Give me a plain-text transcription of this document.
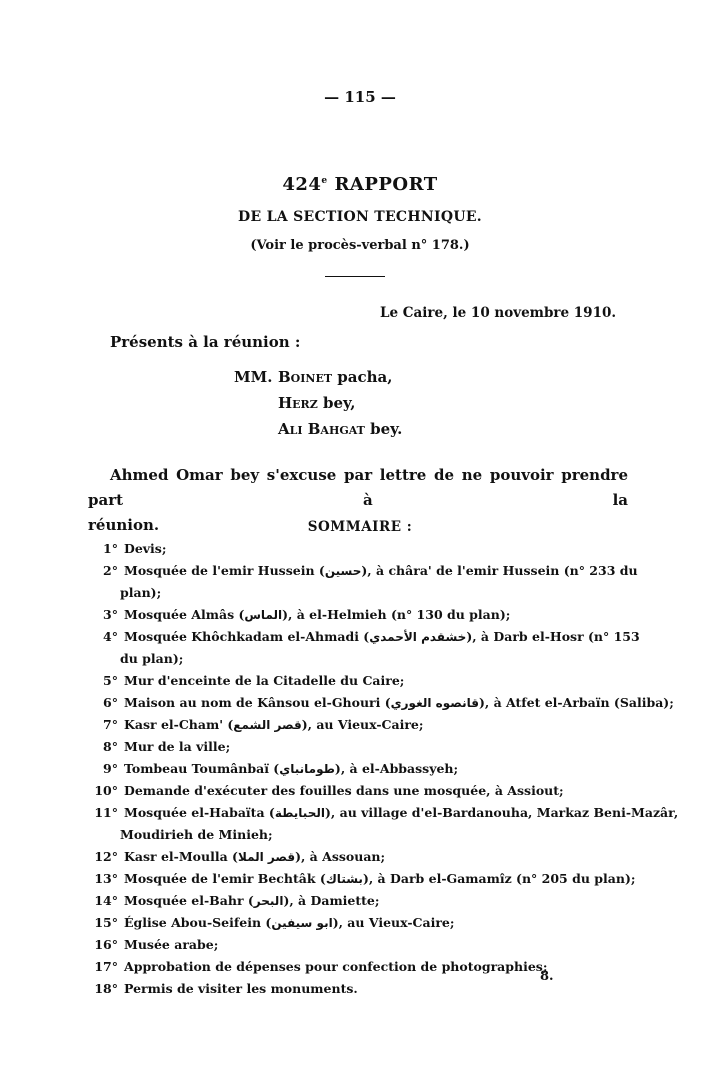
— 115 —
424e RAPPORT
DE LA SECTION TECHNIQUE.
(Voir le procès-verbal n° 178.)
Le Caire, le 10 novembre 1910.
Présents à la réunion :
MM. Boinet pacha,
Herz bey,
Ali Bahgat bey.
Ahmed Omar bey s'excuse par lettre de ne pouvoir prendre part à la
réunion.	SOMMAIRE :
1° Devis;
2° Mosquée de l'emir Hussein (حسين), à châra' de l'emir Hussein (n° 233 du
plan);
3° Mosquée Almâs (الماس), à el-Helmieh (n° 130 du plan);
4° Mosquée Khôchkadam el-Ahmadi (خشقدم الأحمدي), à Darb el-Hosr (n° 153
du plan);
5° Mur d'enceinte de la Citadelle du Caire;
6° Maison au nom de Kânsou el-Ghouri (قانصوه الغوري), à Atfet el-Arbaïn (Saliba);
7° Kasr el-Cham' (قصر الشمع), au Vieux-Caire;
8° Mur de la ville;
9° Tombeau Toumânbaï (طومانباي), à el-Abbassyeh;
10° Demande d'exécuter des fouilles dans une mosquée, à Assiout;
11° Mosquée el-Habaïta (الحبايطة), au village d'el-Bardanouha, Markaz Beni-Mazâr,
Moudirieh de Minieh;
12° Kasr el-Moulla (قصر الملا), à Assouan;
13° Mosquée de l'emir Bechtâk (بشتاك), à Darb el-Gamamîz (n° 205 du plan);
14° Mosquée el-Bahr (البحر), à Damiette;
15° Église Abou-Seifein (ابو سيفين), au Vieux-Caire;
16° Musée arabe;
17° Approbation de dépenses pour confection de photographies;
18° Permis de visiter les monuments.
8.
